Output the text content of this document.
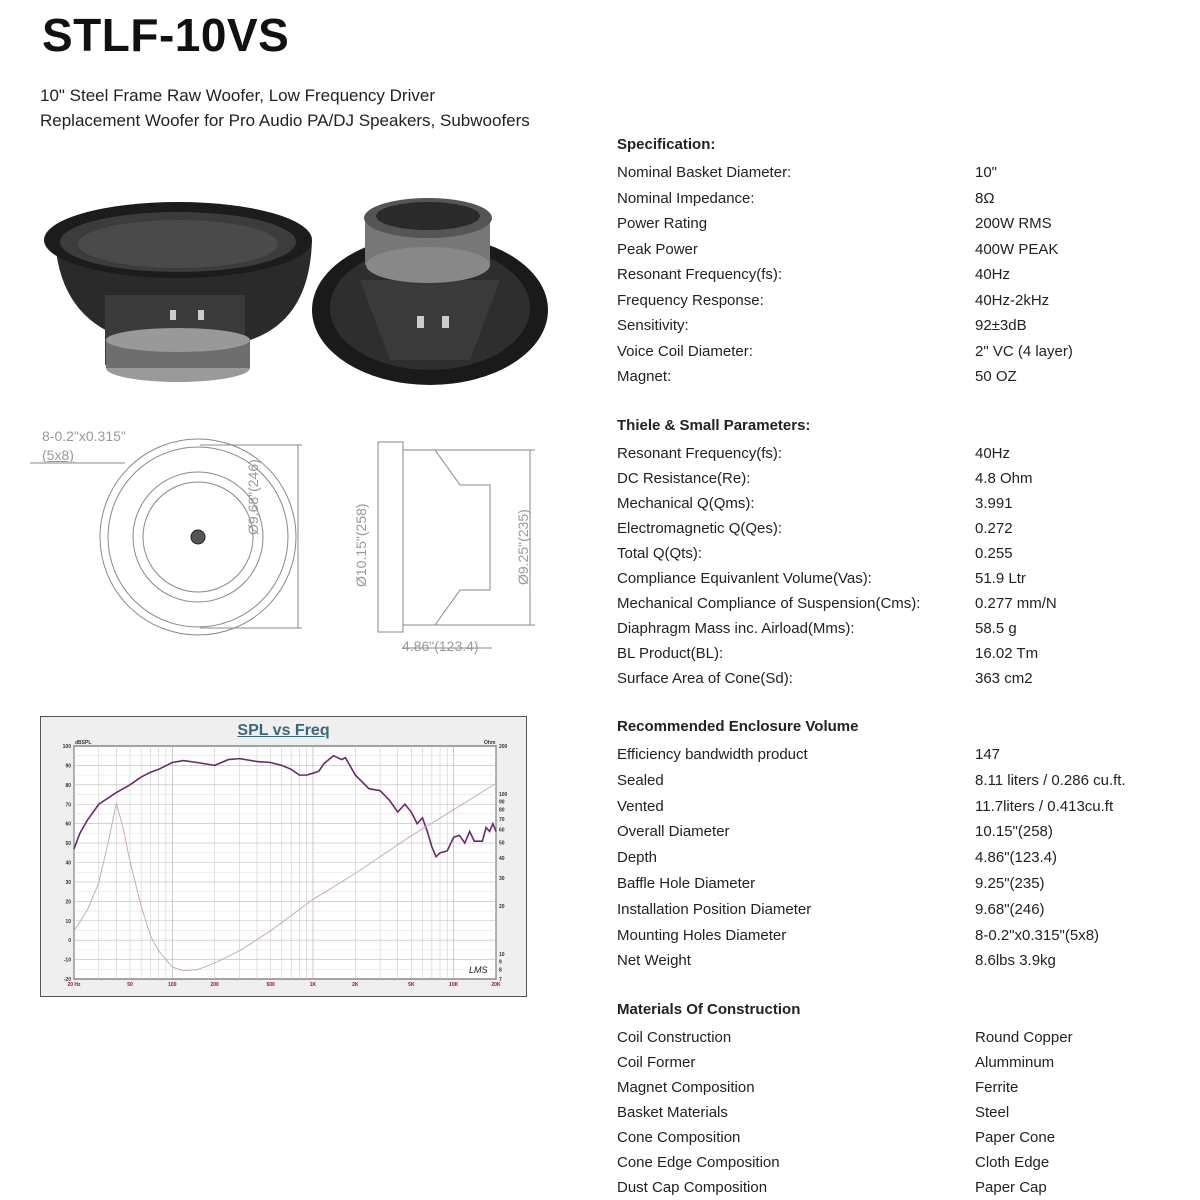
STLF-10VS
10" Steel Frame Raw Woofer, Low Frequency Driver
Replacement Woofer for Pro Audio PA/DJ Speakers, Subwoofers
8-0.2"x0.315"
(5x8)
Ø9.68"(246)
Ø10.15"(258)	Ø9.25"(235)
4.86"(123.4)
100
90
80
70
60
50
40
30
20
10
0
-10
-20
200
100
90
80
70
60
50
40
30
20
10
9
8
7
20 Hz	50	100	200	500	1K	2K	5K	10K	20K
dBSPL	Ohm
LMS
SPL vs Freq
Specification:
Nominal Basket Diameter:	10"
Nominal Impedance:	8Ω
Power Rating	200W RMS
Peak Power	400W PEAK
Resonant Frequency(fs):	40Hz
Frequency Response:	40Hz-2kHz
Sensitivity:	92±3dB
Voice Coil Diameter:	2" VC (4 layer)
Magnet:	50 OZ
Thiele & Small Parameters:
Resonant Frequency(fs):	40Hz
DC Resistance(Re):	4.8 Ohm
Mechanical Q(Qms):	3.991
Electromagnetic Q(Qes):	0.272
Total Q(Qts):	0.255
Compliance Equivanlent Volume(Vas):	51.9 Ltr
Mechanical Compliance of Suspension(Cms):	0.277 mm/N
Diaphragm Mass inc. Airload(Mms):	58.5 g
BL Product(BL):	16.02 Tm
Surface Area of Cone(Sd):	363 cm2
Recommended Enclosure Volume
Efficiency bandwidth product	147
Sealed	8.11 liters / 0.286 cu.ft.
Vented	11.7liters / 0.413cu.ft
Overall Diameter	10.15"(258)
Depth	4.86"(123.4)
Baffle Hole Diameter	9.25"(235)
Installation Position Diameter	9.68"(246)
Mounting Holes Diameter	8-0.2"x0.315"(5x8)
Net Weight	8.6lbs 3.9kg
Materials Of Construction
Coil Construction	Round Copper
Coil Former	Alumminum
Magnet Composition	Ferrite
Basket Materials	Steel
Cone Composition	Paper Cone
Cone Edge Composition	Cloth Edge
Dust Cap Composition	Paper Cap
